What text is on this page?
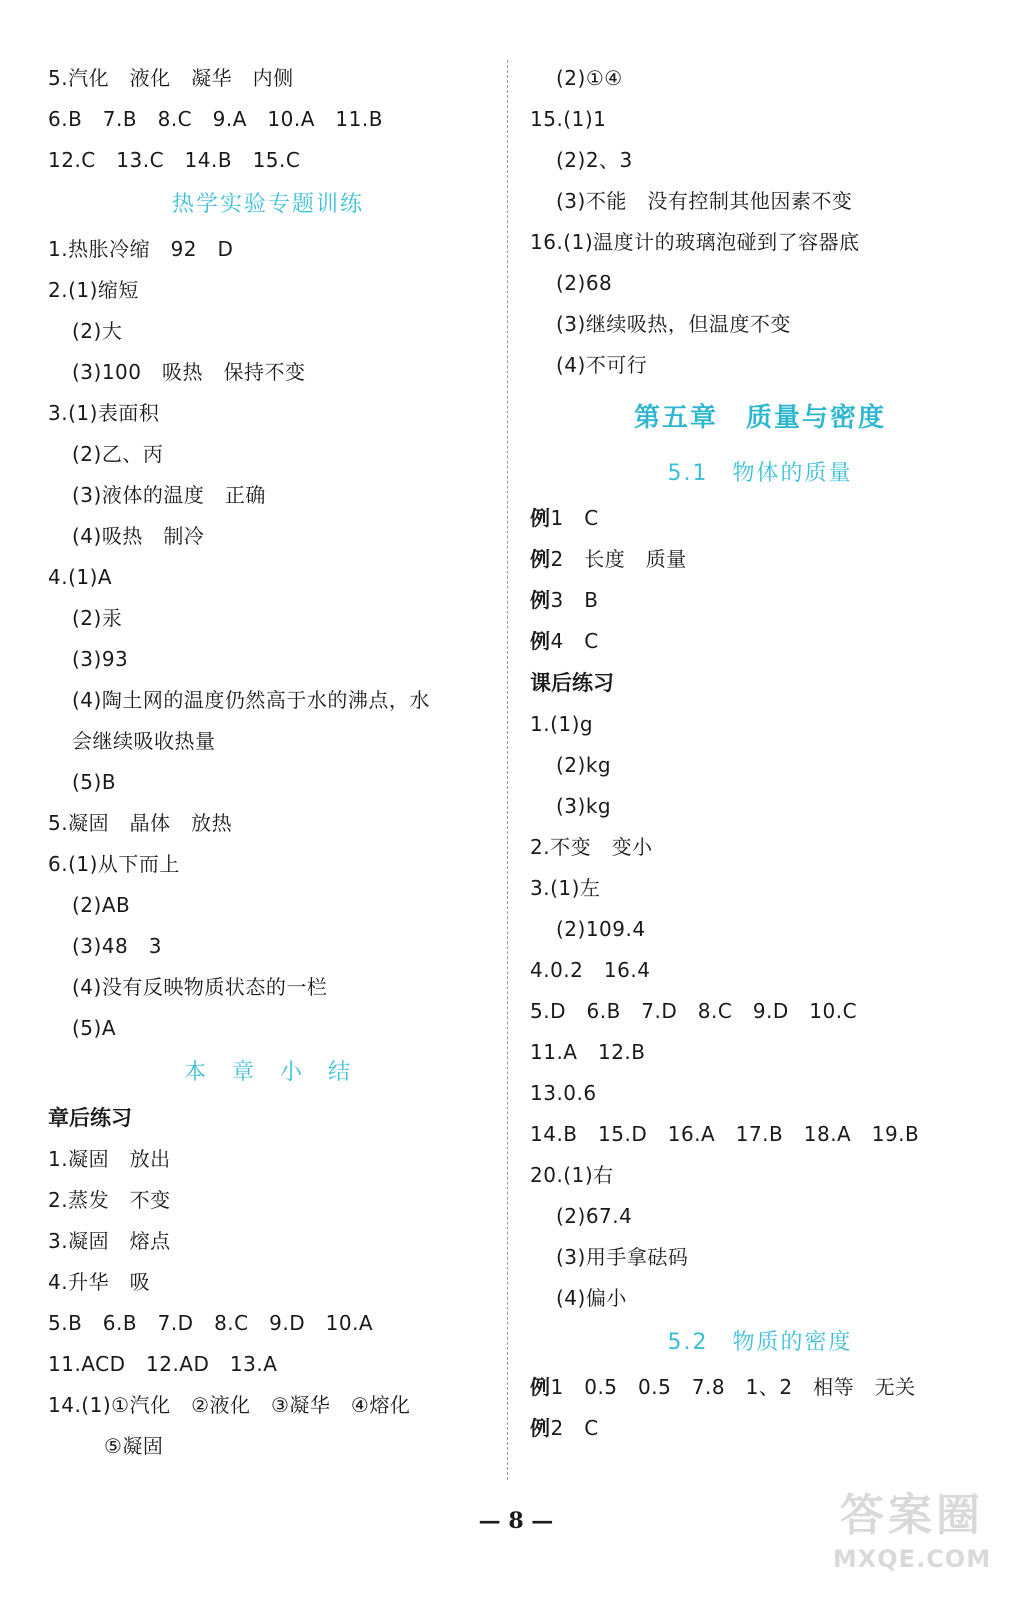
5.汽化　液化　凝华　内侧
6.B　7.B　8.C　9.A　10.A　11.B
12.C　13.C　14.B　15.C
热学实验专题训练
1.热胀冷缩　92　D
2.(1)缩短
(2)大
(3)100　吸热　保持不变
3.(1)表面积
(2)乙、丙
(3)液体的温度　正确
(4)吸热　制冷
4.(1)A
(2)汞
(3)93
(4)陶土网的温度仍然高于水的沸点，水
会继续吸收热量
(5)B
5.凝固　晶体　放热
6.(1)从下而上
(2)AB
(3)48　3
(4)没有反映物质状态的一栏
(5)A
本　章　小　结
章后练习
1.凝固　放出
2.蒸发　不变
3.凝固　熔点
4.升华　吸
5.B　6.B　7.D　8.C　9.D　10.A
11.ACD　12.AD　13.A
14.(1)①汽化　②液化　③凝华　④熔化
⑤凝固
(2)①④
15.(1)1
(2)2、3
(3)不能　没有控制其他因素不变
16.(1)温度计的玻璃泡碰到了容器底
(2)68
(3)继续吸热，但温度不变
(4)不可行
第五章　质量与密度
5.1　物体的质量
例1　C
例2　长度　质量
例3　B
例4　C
课后练习
1.(1)g
(2)kg
(3)kg
2.不变　变小
3.(1)左
(2)109.4
4.0.2　16.4
5.D　6.B　7.D　8.C　9.D　10.C
11.A　12.B
13.0.6
14.B　15.D　16.A　17.B　18.A　19.B
20.(1)右
(2)67.4
(3)用手拿砝码
(4)偏小
5.2　物质的密度
例1　0.5　0.5　7.8　1、2　相等　无关
例2　C
— 8 —	答案圈
MXQE.COM
